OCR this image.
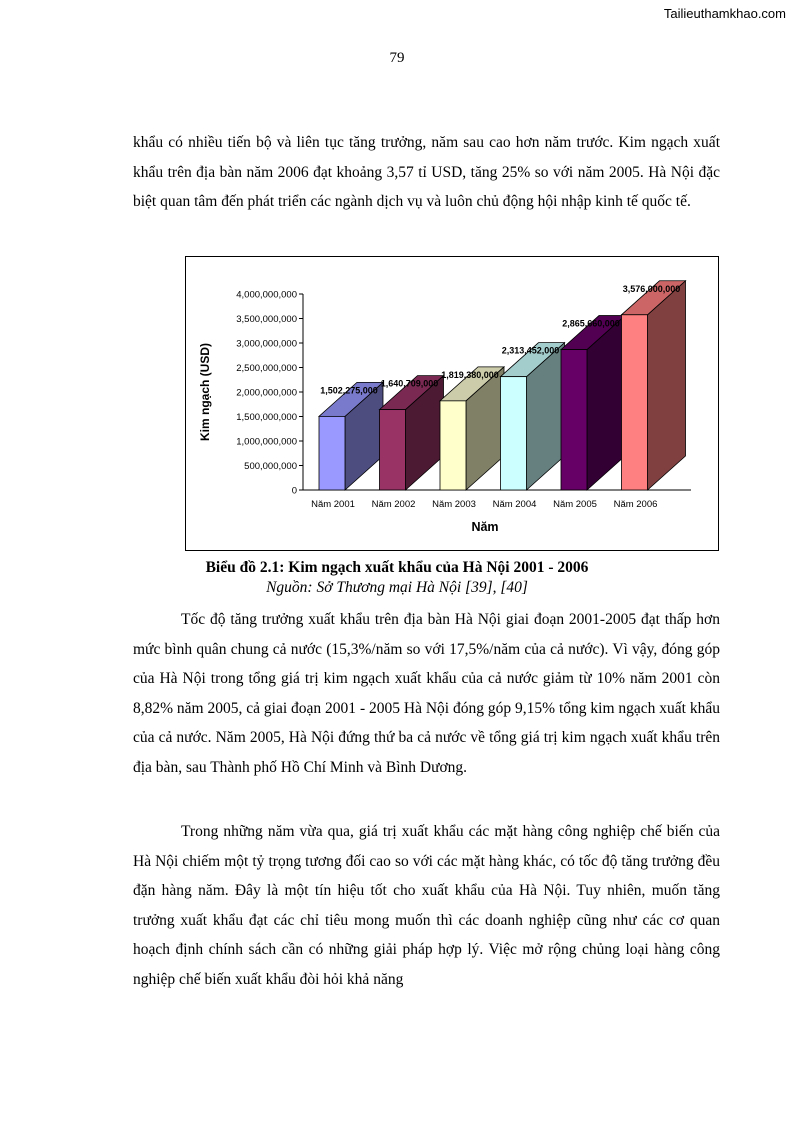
Tailieuthamkhao.com
79

khẩu có nhiều tiến bộ và liên tục tăng trưởng, năm sau cao hơn năm trước. Kim ngạch xuất khẩu trên địa bàn năm 2006 đạt khoảng 3,57 tỉ USD, tăng 25% so với năm 2005. Hà Nội đặc biệt quan tâm đến phát triển các ngành dịch vụ và luôn chủ động hội nhập kinh tế quốc tế.

0
500,000,000
1,000,000,000
1,500,000,000
2,000,000,000
2,500,000,000
3,000,000,000
3,500,000,000
4,000,000,000
Kim ngạch (USD)
Năm
Năm 2001
1,502,275,000
Năm 2002
1,640,709,000
Năm 2003
1,819,380,000
Năm 2004
2,313,452,000
Năm 2005
2,865,660,000
Năm 2006
3,576,000,000
Biểu đồ 2.1: Kim ngạch xuất khẩu của Hà Nội 2001 - 2006
Nguồn: Sở Thương mại Hà Nội [39], [40]

Tốc độ tăng trưởng xuất khẩu trên địa bàn Hà Nội giai đoạn 2001-2005 đạt thấp hơn mức bình quân chung cả nước (15,3%/năm so với 17,5%/năm của cả nước). Vì vậy, đóng góp của Hà Nội trong tổng giá trị kim ngạch xuất khẩu của cả nước giảm từ 10% năm 2001 còn 8,82% năm 2005, cả giai đoạn 2001 - 2005 Hà Nội đóng góp 9,15% tổng kim ngạch xuất khẩu của cả nước. Năm 2005, Hà Nội đứng thứ ba cả nước về tổng giá trị kim ngạch xuất khẩu trên địa bàn, sau Thành phố Hồ Chí Minh và Bình Dương.

Trong những năm vừa qua, giá trị xuất khẩu các mặt hàng công nghiệp chế biến của Hà Nội chiếm một tỷ trọng tương đối cao so với các mặt hàng khác, có tốc độ tăng trưởng đều đặn hàng năm. Đây là một tín hiệu tốt cho xuất khẩu của Hà Nội. Tuy nhiên, muốn tăng trưởng xuất khẩu đạt các chỉ tiêu mong muốn thì các doanh nghiệp cũng như các cơ quan hoạch định chính sách cần có những giải pháp hợp lý. Việc mở rộng chủng loại hàng công nghiệp chế biến xuất khẩu đòi hỏi khả năng
